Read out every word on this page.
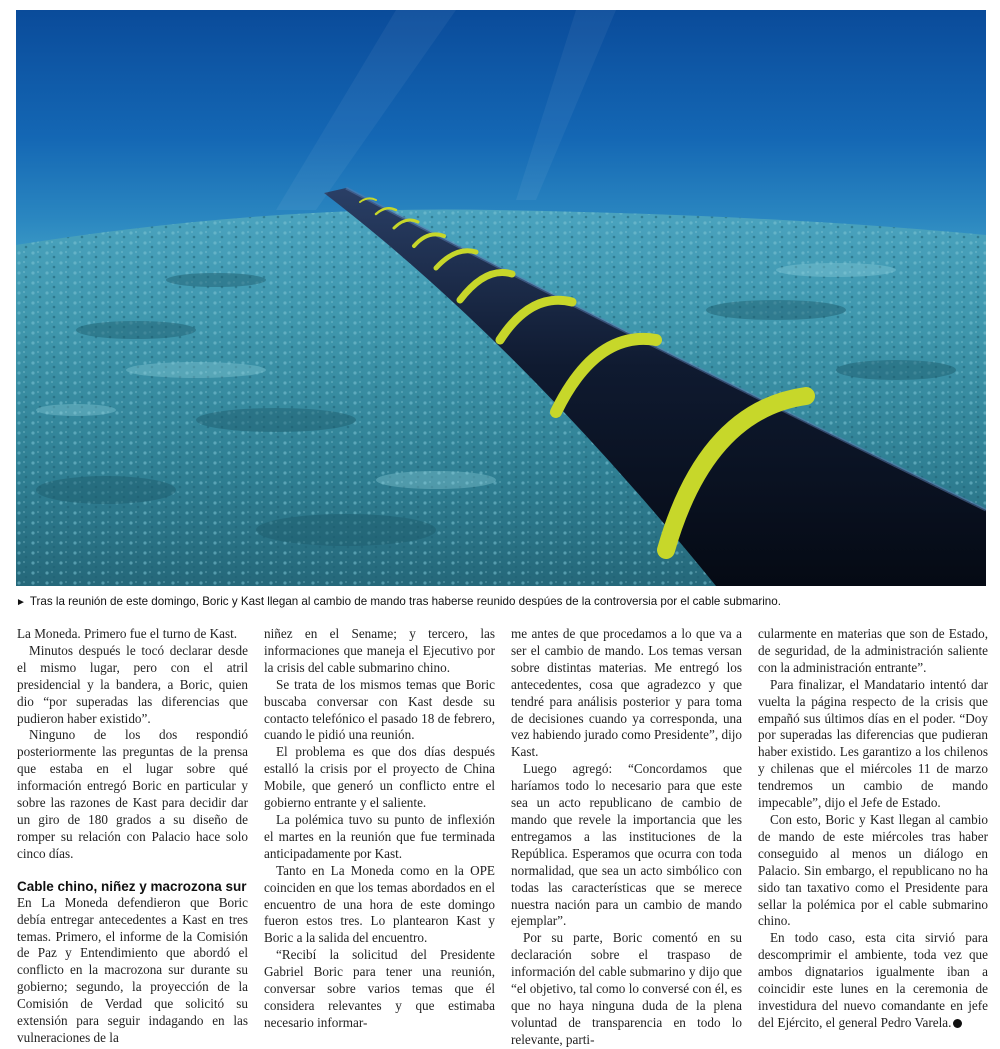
► Tras la reunión de este domingo, Boric y Kast llegan al cambio de mando tras haberse reunido despúes de la controversia por el cable submarino.

La Moneda. Primero fue el turno de Kast.

Minutos después le tocó declarar desde el mismo lugar, pero con el atril presidencial y la bandera, a Boric, quien dio “por superadas las diferencias que pudieron haber existido”.

Ninguno de los dos respondió posteriormente las preguntas de la prensa que estaba en el lugar sobre qué información entregó Boric en particular y sobre las razones de Kast para decidir dar un giro de 180 grados a su diseño de romper su relación con Palacio hace solo cinco días.

Cable chino, niñez y macrozona sur

En La Moneda defendieron que Boric debía entregar antecedentes a Kast en tres temas. Primero, el informe de la Comisión de Paz y Entendimiento que abordó el conflicto en la macrozona sur durante su gobierno; segundo, la proyección de la Comisión de Verdad que solicitó su extensión para seguir indagando en las vulneraciones de la

niñez en el Sename; y tercero, las informaciones que maneja el Ejecutivo por la crisis del cable submarino chino.

Se trata de los mismos temas que Boric buscaba conversar con Kast desde su contacto telefónico el pasado 18 de febrero, cuando le pidió una reunión.

El problema es que dos días después estalló la crisis por el proyecto de China Mobile, que generó un conflicto entre el gobierno entrante y el saliente.

La polémica tuvo su punto de inflexión el martes en la reunión que fue terminada anticipadamente por Kast.

Tanto en La Moneda como en la OPE coinciden en que los temas abordados en el encuentro de una hora de este domingo fueron estos tres. Lo plantearon Kast y Boric a la salida del encuentro.

“Recibí la solicitud del Presidente Gabriel Boric para tener una reunión, conversar sobre varios temas que él considera relevantes y que estimaba necesario informar-

me antes de que procedamos a lo que va a ser el cambio de mando. Los temas versan sobre distintas materias. Me entregó los antecedentes, cosa que agradezco y que tendré para análisis posterior y para toma de decisiones cuando ya corresponda, una vez habiendo jurado como Presidente”, dijo Kast.

Luego agregó: “Concordamos que haríamos todo lo necesario para que este sea un acto republicano de cambio de mando que revele la importancia que les entregamos a las instituciones de la República. Esperamos que ocurra con toda normalidad, que sea un acto simbólico con todas las características que se merece nuestra nación para un cambio de mando ejemplar”.

Por su parte, Boric comentó en su declaración sobre el traspaso de información del cable submarino y dijo que “el objetivo, tal como lo conversé con él, es que no haya ninguna duda de la plena voluntad de transparencia en todo lo relevante, parti-

cularmente en materias que son de Estado, de seguridad, de la administración saliente con la administración entrante”.

Para finalizar, el Mandatario intentó dar vuelta la página respecto de la crisis que empañó sus últimos días en el poder. “Doy por superadas las diferencias que pudieran haber existido. Les garantizo a los chilenos y chilenas que el miércoles 11 de marzo tendremos un cambio de mando impecable”, dijo el Jefe de Estado.

Con esto, Boric y Kast llegan al cambio de mando de este miércoles tras haber conseguido al menos un diálogo en Palacio. Sin embargo, el republicano no ha sido tan taxativo como el Presidente para sellar la polémica por el cable submarino chino.

En todo caso, esta cita sirvió para descomprimir el ambiente, toda vez que ambos dignatarios igualmente iban a coincidir este lunes en la ceremonia de investidura del nuevo comandante en jefe del Ejército, el general Pedro Varela.
